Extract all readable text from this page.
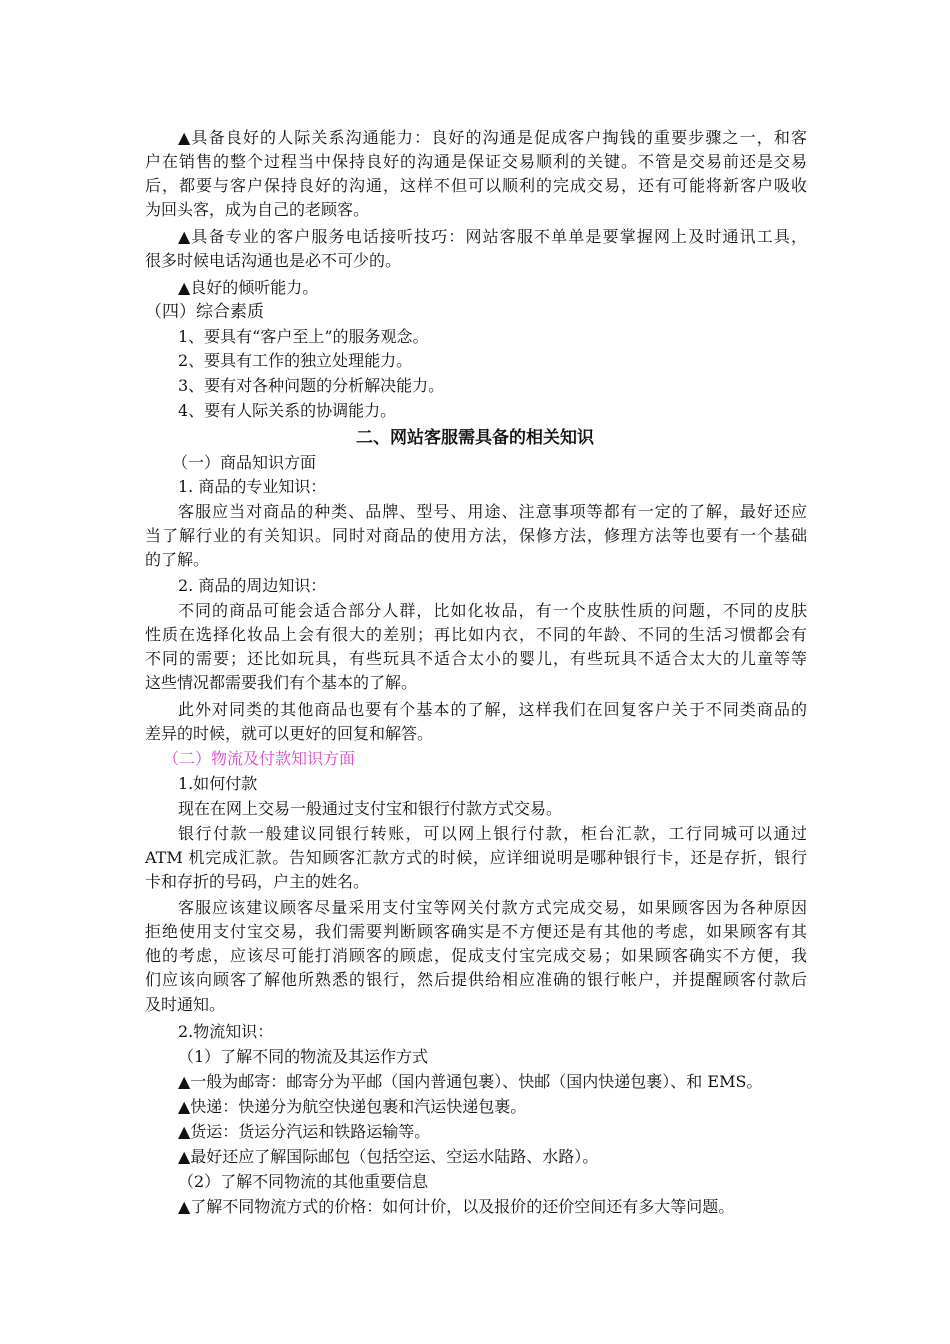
▲具备良好的人际关系沟通能力：良好的沟通是促成客户掏钱的重要步骤之一，和客
户在销售的整个过程当中保持良好的沟通是保证交易顺利的关键。不管是交易前还是交易
后，都要与客户保持良好的沟通，这样不但可以顺利的完成交易，还有可能将新客户吸收
为回头客，成为自己的老顾客。
▲具备专业的客户服务电话接听技巧：网站客服不单单是要掌握网上及时通讯工具，
很多时候电话沟通也是必不可少的。
▲良好的倾听能力。
（四）综合素质
1、要具有“客户至上”的服务观念。
2、要具有工作的独立处理能力。
3、要有对各种问题的分析解决能力。
4、要有人际关系的协调能力。
二、网站客服需具备的相关知识
（一）商品知识方面
1. 商品的专业知识：
客服应当对商品的种类、品牌、型号、用途、注意事项等都有一定的了解，最好还应
当了解行业的有关知识。同时对商品的使用方法，保修方法，修理方法等也要有一个基础
的了解。
2. 商品的周边知识：
不同的商品可能会适合部分人群，比如化妆品，有一个皮肤性质的问题，不同的皮肤
性质在选择化妆品上会有很大的差别；再比如内衣，不同的年龄、不同的生活习惯都会有
不同的需要；还比如玩具，有些玩具不适合太小的婴儿，有些玩具不适合太大的儿童等等
这些情况都需要我们有个基本的了解。
此外对同类的其他商品也要有个基本的了解，这样我们在回复客户关于不同类商品的
差异的时候，就可以更好的回复和解答。
（二）物流及付款知识方面
1.如何付款
现在在网上交易一般通过支付宝和银行付款方式交易。
银行付款一般建议同银行转账，可以网上银行付款，柜台汇款，工行同城可以通过
ATM 机完成汇款。告知顾客汇款方式的时候，应详细说明是哪种银行卡，还是存折，银行
卡和存折的号码，户主的姓名。
客服应该建议顾客尽量采用支付宝等网关付款方式完成交易，如果顾客因为各种原因
拒绝使用支付宝交易，我们需要判断顾客确实是不方便还是有其他的考虑，如果顾客有其
他的考虑，应该尽可能打消顾客的顾虑，促成支付宝完成交易；如果顾客确实不方便，我
们应该向顾客了解他所熟悉的银行，然后提供给相应准确的银行帐户，并提醒顾客付款后
及时通知。
2.物流知识：
（1）了解不同的物流及其运作方式
▲一般为邮寄：邮寄分为平邮（国内普通包裹）、快邮（国内快递包裹）、和 EMS。
▲快递：快递分为航空快递包裹和汽运快递包裹。
▲货运：货运分汽运和铁路运输等。
▲最好还应了解国际邮包（包括空运、空运水陆路、水路）。
（2）了解不同物流的其他重要信息
▲了解不同物流方式的价格：如何计价，以及报价的还价空间还有多大等问题。
